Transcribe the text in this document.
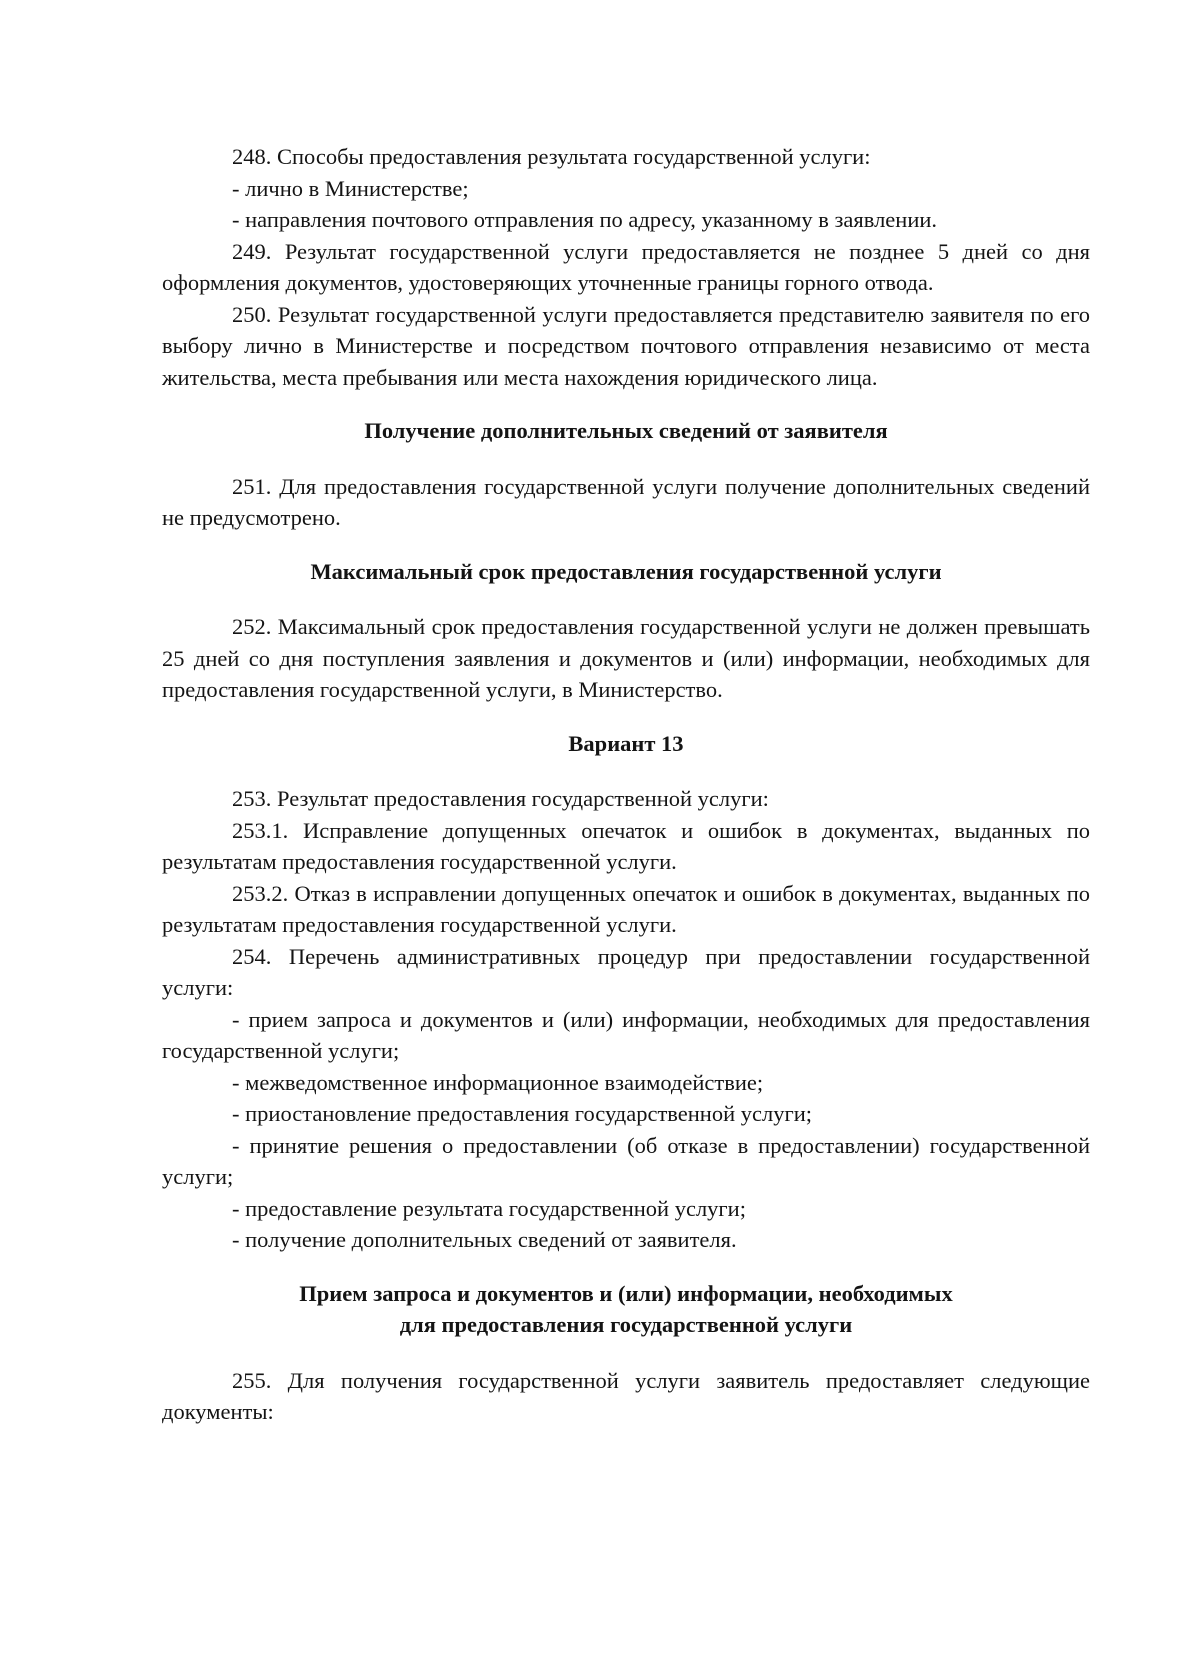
248. Способы предоставления результата государственной услуги:

- лично в Министерстве;

- направления почтового отправления по адресу, указанному в заявлении.

249. Результат государственной услуги предоставляется не позднее 5 дней со дня оформления документов, удостоверяющих уточненные границы горного отвода.

250. Результат государственной услуги предоставляется представителю заявителя по его выбору лично в Министерстве и посредством почтового отправления независимо от места жительства, места пребывания или места нахождения юридического лица.

Получение дополнительных сведений от заявителя

251. Для предоставления государственной услуги получение дополнительных сведений не предусмотрено.

Максимальный срок предоставления государственной услуги

252. Максимальный срок предоставления государственной услуги не должен превышать 25 дней со дня поступления заявления и документов и (или) информации, необходимых для предоставления государственной услуги, в Министерство.

Вариант 13

253. Результат предоставления государственной услуги:

253.1. Исправление допущенных опечаток и ошибок в документах, выданных по результатам предоставления государственной услуги.

253.2. Отказ в исправлении допущенных опечаток и ошибок в документах, выданных по результатам предоставления государственной услуги.

254. Перечень административных процедур при предоставлении государственной услуги:

- прием запроса и документов и (или) информации, необходимых для предоставления государственной услуги;

- межведомственное информационное взаимодействие;

- приостановление предоставления государственной услуги;

- принятие решения о предоставлении (об отказе в предоставлении) государственной услуги;

- предоставление результата государственной услуги;

- получение дополнительных сведений от заявителя.

Прием запроса и документов и (или) информации, необходимых для предоставления государственной услуги

255. Для получения государственной услуги заявитель предоставляет следующие документы:
